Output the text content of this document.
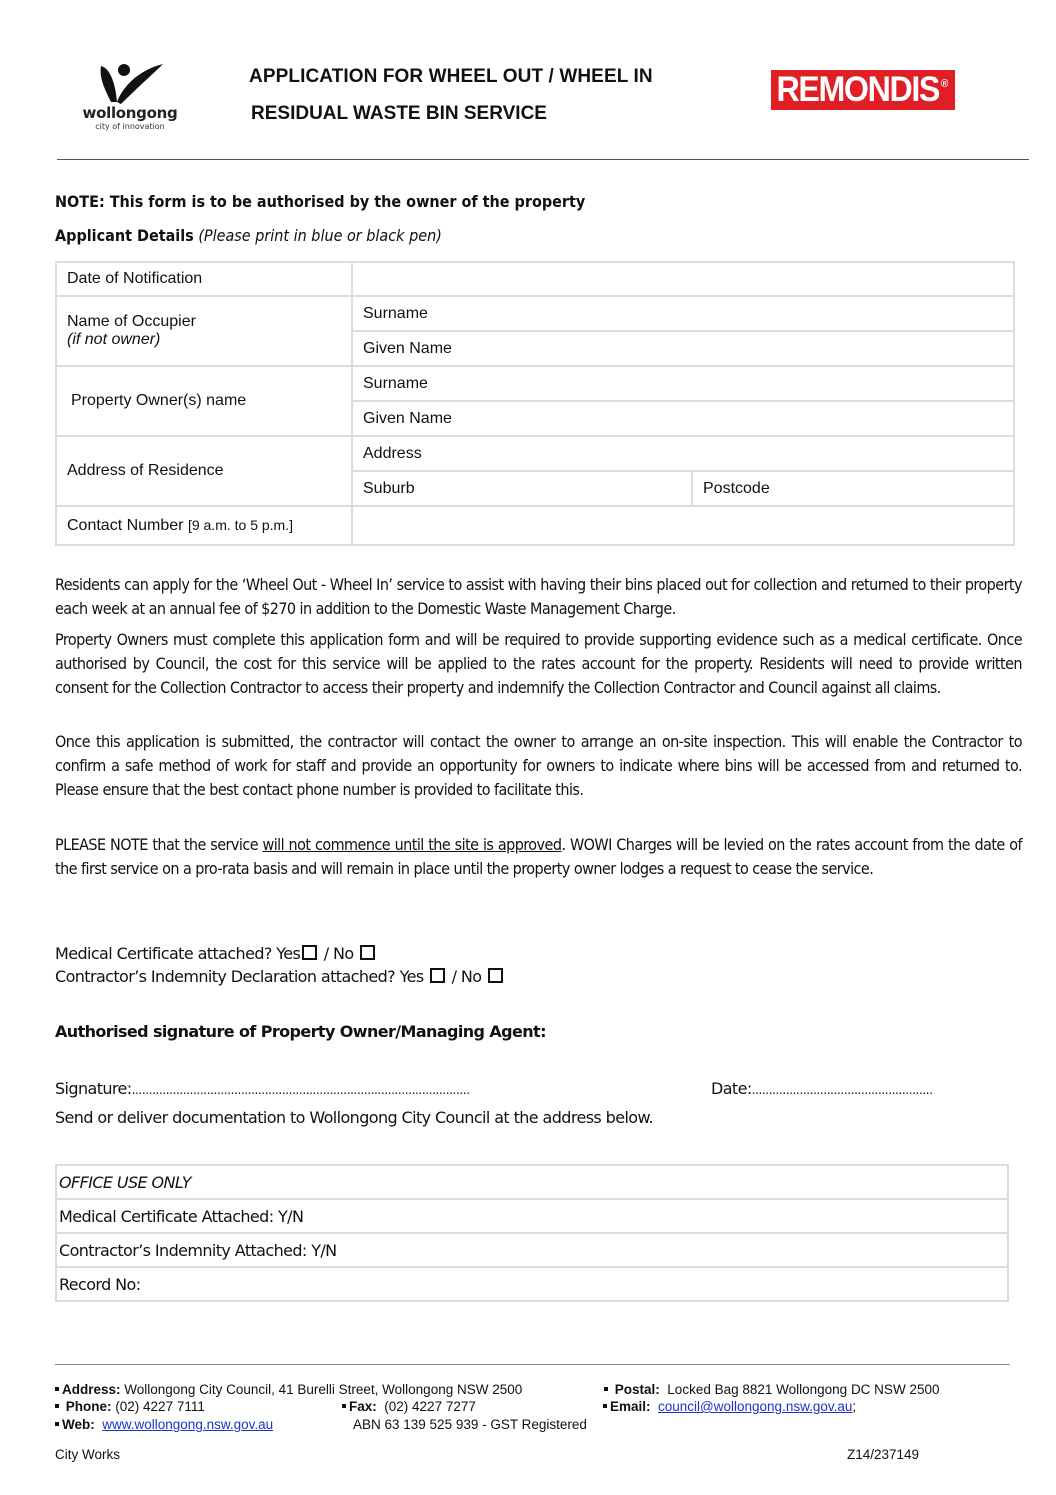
wollongong
city of innovation
APPLICATION FOR WHEEL OUT / WHEEL IN
RESIDUAL WASTE BIN SERVICE
REMONDIS ®
NOTE: This form is to be authorised by the owner of the property
Applicant Details (Please print in blue or black pen)
Date of Notification		

Name of Occupier
(if not owner)	Surname	
	Given Name	
Property Owner(s) name	Surname	
	Given Name	
Address of Residence	Address	
	Suburb	Postcode
Contact Number [9 a.m. to 5 p.m.]		
Residents can apply for the ‘Wheel Out - Wheel In’ service to assist with having their bins placed out for collection and returned to their property each week at an annual fee of $270 in addition to the Domestic Waste Management Charge.
Property Owners must complete this application form and will be required to provide supporting evidence such as a medical certificate. Once authorised by Council, the cost for this service will be applied to the rates account for the property. Residents will need to provide written consent for the Collection Contractor to access their property and indemnify the Collection Contractor and Council against all claims.
Once this application is submitted, the contractor will contact the owner to arrange an on-site inspection. This will enable the Contractor to confirm a safe method of work for staff and provide an opportunity for owners to indicate where bins will be accessed from and returned to. Please ensure that the best contact phone number is provided to facilitate this.
PLEASE NOTE that the service will not commence until the site is approved. WOWI Charges will be levied on the rates account from the date of the first service on a pro-rata basis and will remain in place until the property owner lodges a request to cease the service.
Medical Certificate attached? Yes / No
Contractor’s Indemnity Declaration attached? Yes  / No
Authorised signature of Property Owner/Managing Agent:
Signature:...................................................................................................	Date:.....................................................
Send or deliver documentation to Wollongong City Council at the address below.
OFFICE USE ONLY
Medical Certificate Attached: Y/N
Contractor’s Indemnity Attached: Y/N
Record No:
Address: Wollongong City Council, 41 Burelli Street, Wollongong NSW 2500	Postal: Locked Bag 8821 Wollongong DC NSW 2500
Phone: (02) 4227 7111	Fax: (02) 4227 7277	Email: council@wollongong.nsw.gov.au;
Web: www.wollongong.nsw.gov.au	ABN 63 139 525 939 - GST Registered
City Works	Z14/237149
